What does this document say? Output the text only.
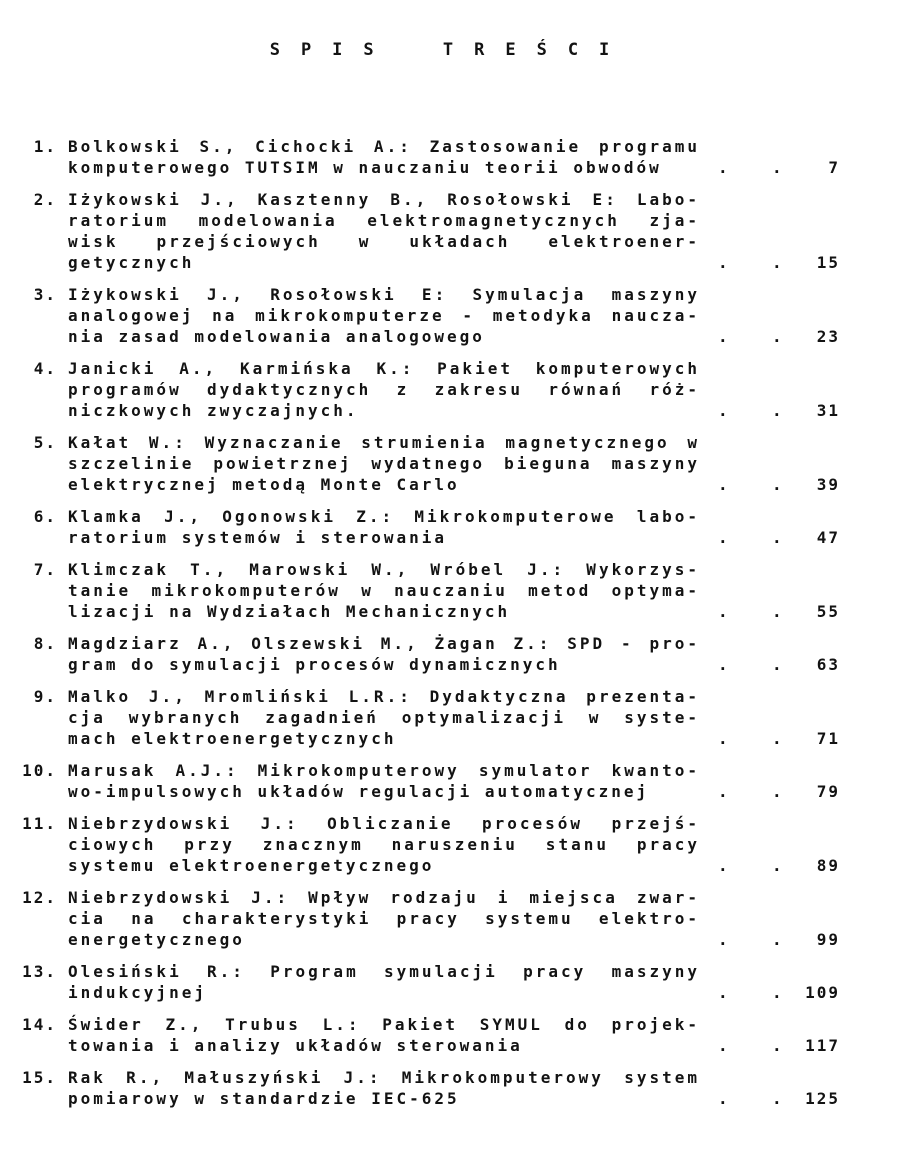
SPIS TREŚCI
1. Bolkowski S., Cichocki A.: Zastosowanie programu
komputerowego TUTSIM w nauczaniu teorii obwodów	.	.	7
2. Iżykowski J., Kasztenny B., Rosołowski E: Labo-
ratorium modelowania elektromagnetycznych zja-
wisk przejściowych w układach elektroener-
getycznych	.	. 15
3. Iżykowski J., Rosołowski E: Symulacja maszyny
analogowej na mikrokomputerze - metodyka naucza-
nia zasad modelowania analogowego	.	. 23
4. Janicki A., Karmińska K.: Pakiet komputerowych
programów dydaktycznych z zakresu równań róż-
niczkowych zwyczajnych.	.	. 31
5. Kałat W.: Wyznaczanie strumienia magnetycznego w
szczelinie powietrznej wydatnego bieguna maszyny
elektrycznej metodą Monte Carlo	.	. 39
6. Klamka J., Ogonowski Z.: Mikrokomputerowe labo-
ratorium systemów i sterowania	.	. 47
7. Klimczak T., Marowski W., Wróbel J.: Wykorzys-
tanie mikrokomputerów w nauczaniu metod optyma-
lizacji na Wydziałach Mechanicznych	.	. 55
8. Magdziarz A., Olszewski M., Żagan Z.: SPD - pro-
gram do symulacji procesów dynamicznych	.	. 63
9. Malko J., Mromliński L.R.: Dydaktyczna prezenta-
cja wybranych zagadnień optymalizacji w syste-
mach elektroenergetycznych	.	. 71
10. Marusak A.J.: Mikrokomputerowy symulator kwanto-
wo-impulsowych układów regulacji automatycznej	.	. 79
11. Niebrzydowski J.: Obliczanie procesów przejś-
ciowych przy znacznym naruszeniu stanu pracy
systemu elektroenergetycznego	.	. 89
12. Niebrzydowski J.: Wpływ rodzaju i miejsca zwar-
cia na charakterystyki pracy systemu elektro-
energetycznego	.	. 99
13. Olesiński R.: Program symulacji pracy maszyny
indukcyjnej	.	. 109
14. Świder Z., Trubus L.: Pakiet SYMUL do projek-
towania i analizy układów sterowania	.	. 117
15. Rak R., Małuszyński J.: Mikrokomputerowy system
pomiarowy w standardzie IEC-625	.	. 125
